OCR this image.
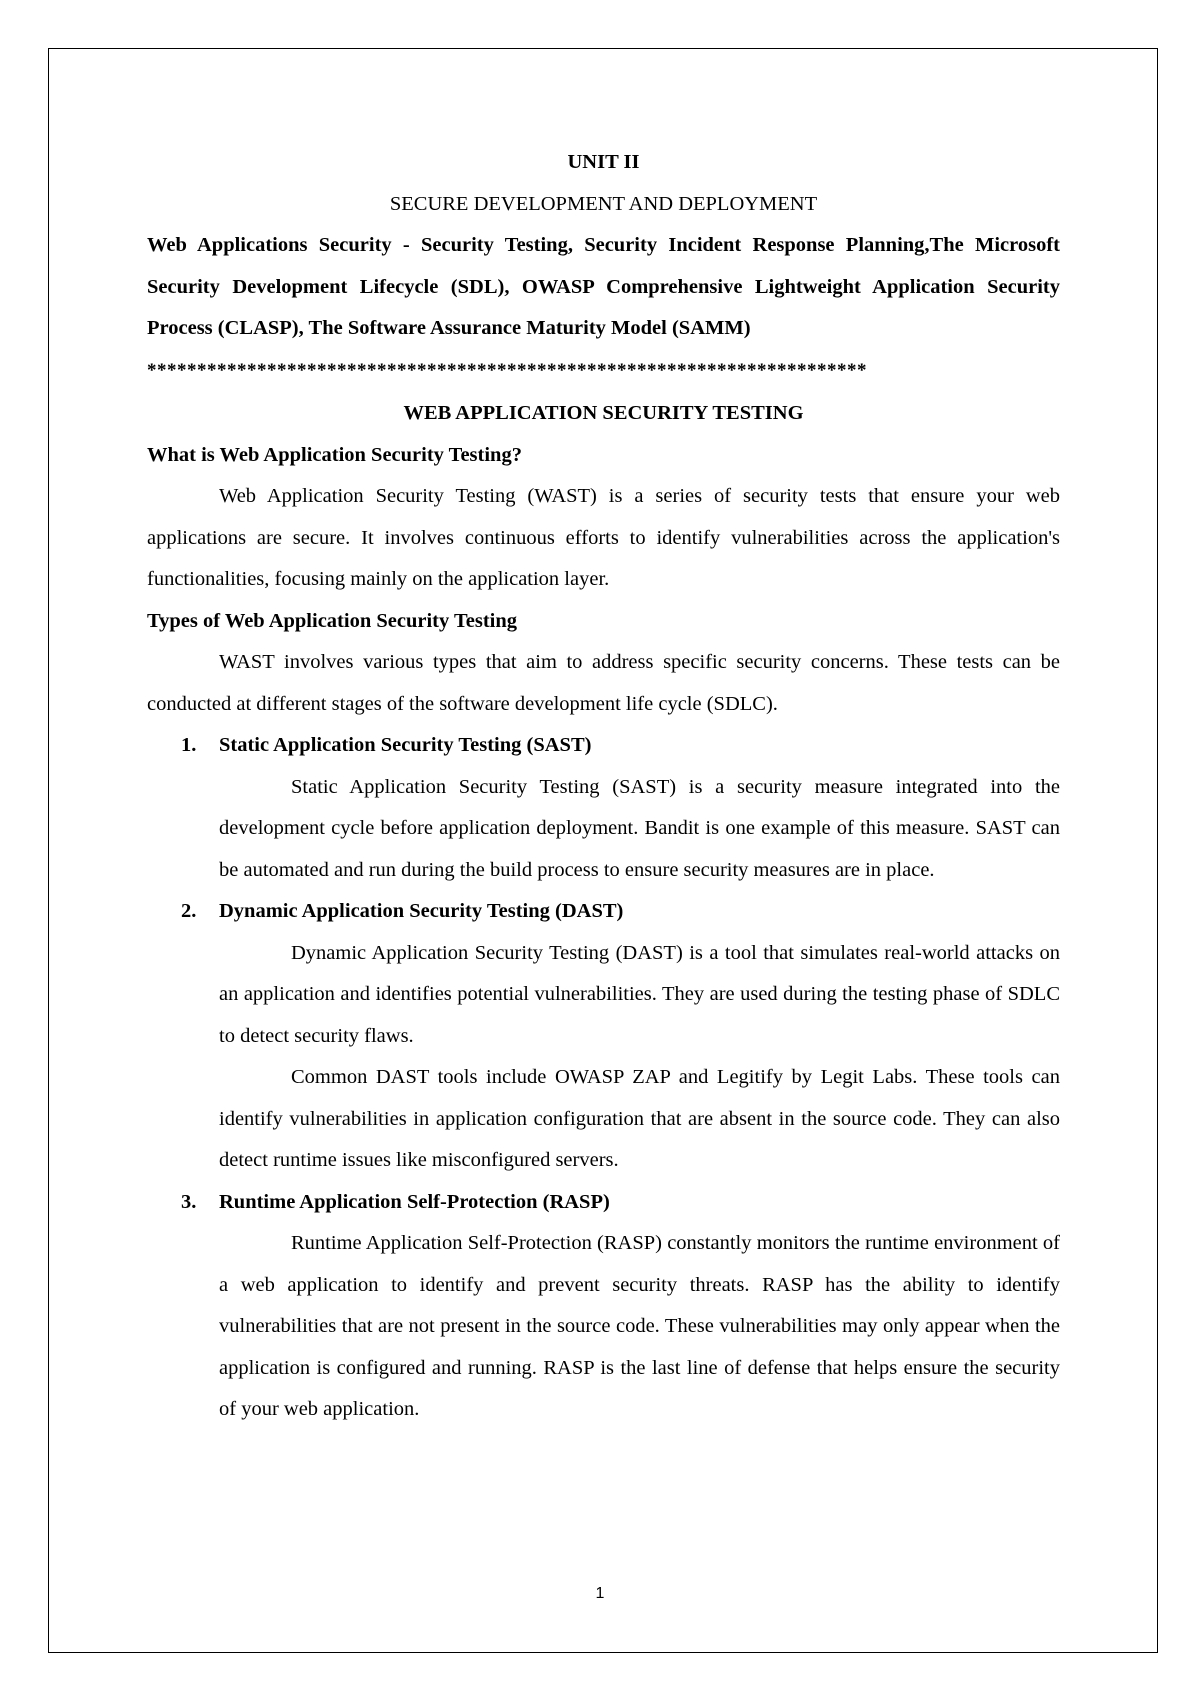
UNIT II

SECURE DEVELOPMENT AND DEPLOYMENT

Web Applications Security - Security Testing, Security Incident Response Planning,The Microsoft Security Development Lifecycle (SDL), OWASP Comprehensive Lightweight Application Security Process (CLASP), The Software Assurance Maturity Model (SAMM)

************************************************************************

WEB APPLICATION SECURITY TESTING

What is Web Application Security Testing?

Web Application Security Testing (WAST) is a series of security tests that ensure your web applications are secure. It involves continuous efforts to identify vulnerabilities across the application's functionalities, focusing mainly on the application layer.

Types of Web Application Security Testing

WAST involves various types that aim to address specific security concerns. These tests can be conducted at different stages of the software development life cycle (SDLC).

1. Static Application Security Testing (SAST)

Static Application Security Testing (SAST) is a security measure integrated into the development cycle before application deployment. Bandit is one example of this measure. SAST can be automated and run during the build process to ensure security measures are in place.

2. Dynamic Application Security Testing (DAST)

Dynamic Application Security Testing (DAST) is a tool that simulates real-world attacks on an application and identifies potential vulnerabilities. They are used during the testing phase of SDLC to detect security flaws.

Common DAST tools include OWASP ZAP and Legitify by Legit Labs. These tools can identify vulnerabilities in application configuration that are absent in the source code. They can also detect runtime issues like misconfigured servers.

3. Runtime Application Self-Protection (RASP)

Runtime Application Self-Protection (RASP) constantly monitors the runtime environment of a web application to identify and prevent security threats. RASP has the ability to identify vulnerabilities that are not present in the source code. These vulnerabilities may only appear when the application is configured and running. RASP is the last line of defense that helps ensure the security of your web application.

1
